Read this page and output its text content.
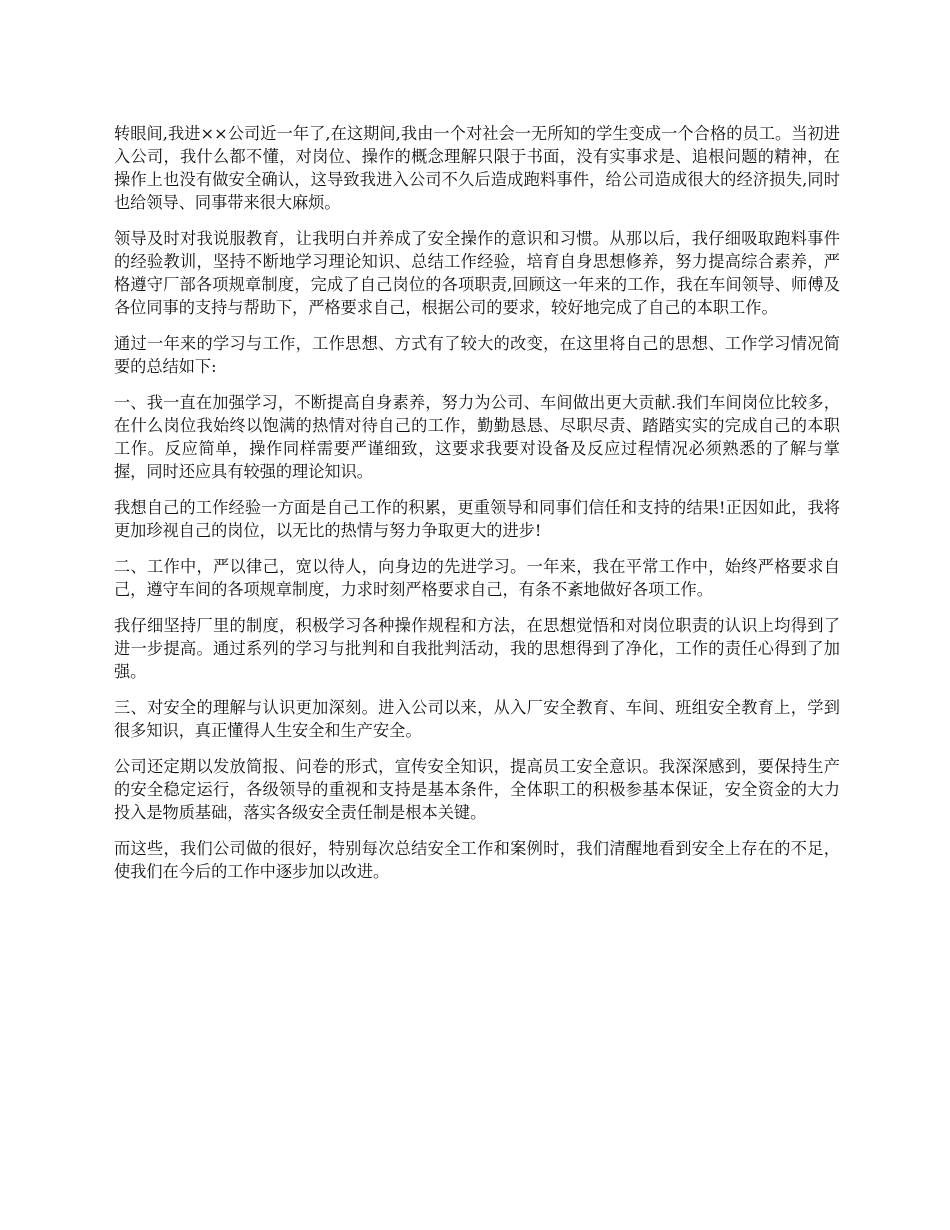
转眼间,我进××公司近一年了,在这期间,我由一个对社会一无所知的学生变成一个合格的员工。当初进入公司，我什么都不懂，对岗位、操作的概念理解只限于书面，没有实事求是、追根问题的精神，在操作上也没有做安全确认，这导致我进入公司不久后造成跑料事件，给公司造成很大的经济损失,同时也给领导、同事带来很大麻烦。

领导及时对我说服教育，让我明白并养成了安全操作的意识和习惯。从那以后，我仔细吸取跑料事件的经验教训，坚持不断地学习理论知识、总结工作经验，培育自身思想修养，努力提高综合素养，严格遵守厂部各项规章制度，完成了自己岗位的各项职责,回顾这一年来的工作，我在车间领导、师傅及各位同事的支持与帮助下，严格要求自己，根据公司的要求，较好地完成了自己的本职工作。

通过一年来的学习与工作，工作思想、方式有了较大的改变，在这里将自己的思想、工作学习情况简要的总结如下:

一、我一直在加强学习，不断提高自身素养，努力为公司、车间做出更大贡献.我们车间岗位比较多，在什么岗位我始终以饱满的热情对待自己的工作，勤勤恳恳、尽职尽责、踏踏实实的完成自己的本职工作。反应简单，操作同样需要严谨细致，这要求我要对设备及反应过程情况必须熟悉的了解与掌握，同时还应具有较强的理论知识。

我想自己的工作经验一方面是自己工作的积累，更重领导和同事们信任和支持的结果!正因如此，我将更加珍视自己的岗位，以无比的热情与努力争取更大的进步!

二、工作中，严以律己，宽以待人，向身边的先进学习。一年来，我在平常工作中，始终严格要求自己，遵守车间的各项规章制度，力求时刻严格要求自己，有条不紊地做好各项工作。

我仔细坚持厂里的制度，积极学习各种操作规程和方法，在思想觉悟和对岗位职责的认识上均得到了进一步提高。通过系列的学习与批判和自我批判活动，我的思想得到了净化，工作的责任心得到了加强。

三、对安全的理解与认识更加深刻。进入公司以来，从入厂安全教育、车间、班组安全教育上，学到很多知识，真正懂得人生安全和生产安全。

公司还定期以发放简报、问卷的形式，宣传安全知识，提高员工安全意识。我深深感到，要保持生产的安全稳定运行，各级领导的重视和支持是基本条件，全体职工的积极参基本保证，安全资金的大力投入是物质基础，落实各级安全责任制是根本关键。

而这些，我们公司做的很好，特别每次总结安全工作和案例时，我们清醒地看到安全上存在的不足，使我们在今后的工作中逐步加以改进。
